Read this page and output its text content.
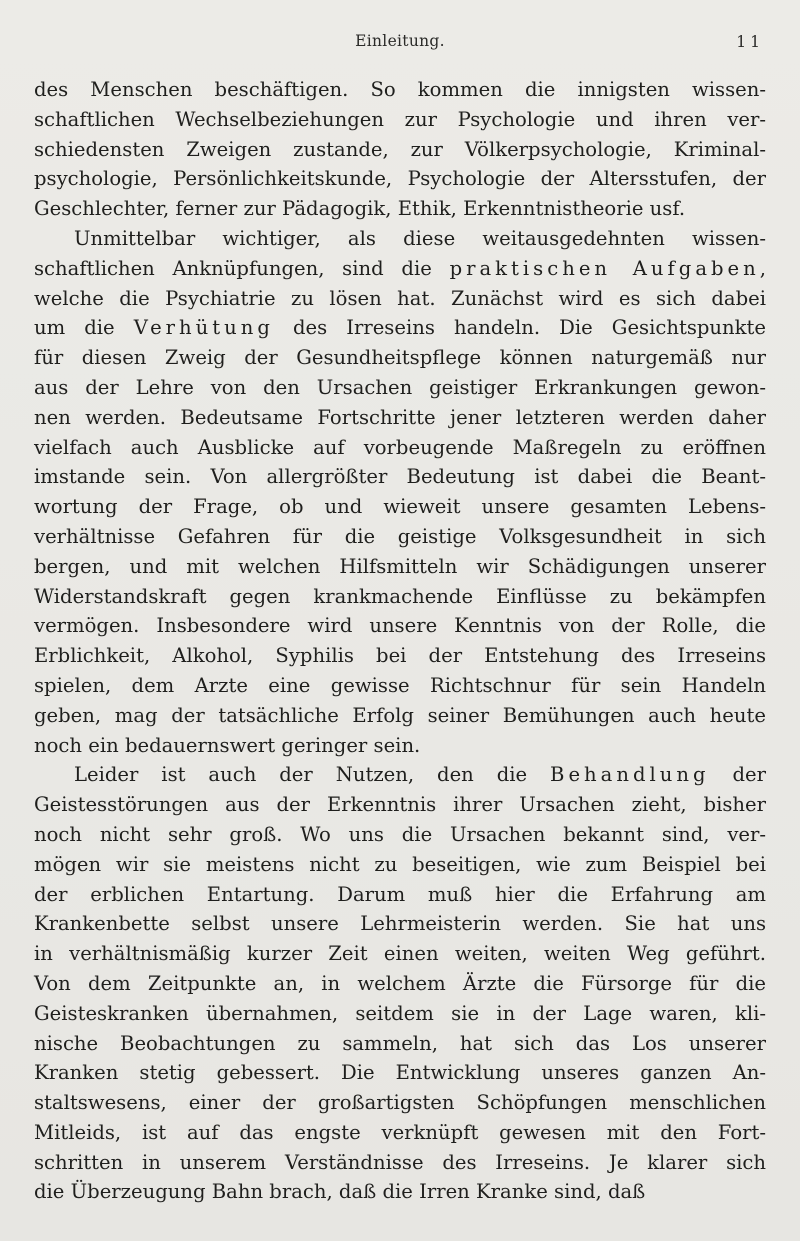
Einleitung.	11
des Menschen beschäftigen. So kommen die innigsten wissen-
schaftlichen Wechselbeziehungen zur Psychologie und ihren ver-
schiedensten Zweigen zustande, zur Völkerpsychologie, Kriminal-
psychologie, Persönlichkeitskunde, Psychologie der Altersstufen, der
Geschlechter, ferner zur Pädagogik, Ethik, Erkenntnistheorie usf.
Unmittelbar wichtiger, als diese weitausgedehnten wissen-
schaftlichen Anknüpfungen, sind die praktischen Aufgaben,
welche die Psychiatrie zu lösen hat. Zunächst wird es sich dabei
um die Verhütung des Irreseins handeln. Die Gesichtspunkte
für diesen Zweig der Gesundheitspflege können naturgemäß nur
aus der Lehre von den Ursachen geistiger Erkrankungen gewon-
nen werden. Bedeutsame Fortschritte jener letzteren werden daher
vielfach auch Ausblicke auf vorbeugende Maßregeln zu eröffnen
imstande sein. Von allergrößter Bedeutung ist dabei die Beant-
wortung der Frage, ob und wieweit unsere gesamten Lebens-
verhältnisse Gefahren für die geistige Volksgesundheit in sich
bergen, und mit welchen Hilfsmitteln wir Schädigungen unserer
Widerstandskraft gegen krankmachende Einflüsse zu bekämpfen
vermögen. Insbesondere wird unsere Kenntnis von der Rolle, die
Erblichkeit, Alkohol, Syphilis bei der Entstehung des Irreseins
spielen, dem Arzte eine gewisse Richtschnur für sein Handeln
geben, mag der tatsächliche Erfolg seiner Bemühungen auch heute
noch ein bedauernswert geringer sein.
Leider ist auch der Nutzen, den die Behandlung der
Geistesstörungen aus der Erkenntnis ihrer Ursachen zieht, bisher
noch nicht sehr groß. Wo uns die Ursachen bekannt sind, ver-
mögen wir sie meistens nicht zu beseitigen, wie zum Beispiel bei
der erblichen Entartung. Darum muß hier die Erfahrung am
Krankenbette selbst unsere Lehrmeisterin werden. Sie hat uns
in verhältnismäßig kurzer Zeit einen weiten, weiten Weg geführt.
Von dem Zeitpunkte an, in welchem Ärzte die Fürsorge für die
Geisteskranken übernahmen, seitdem sie in der Lage waren, kli-
nische Beobachtungen zu sammeln, hat sich das Los unserer
Kranken stetig gebessert. Die Entwicklung unseres ganzen An-
staltswesens, einer der großartigsten Schöpfungen menschlichen
Mitleids, ist auf das engste verknüpft gewesen mit den Fort-
schritten in unserem Verständnisse des Irreseins. Je klarer sich
die Überzeugung Bahn brach, daß die Irren Kranke sind, daß
